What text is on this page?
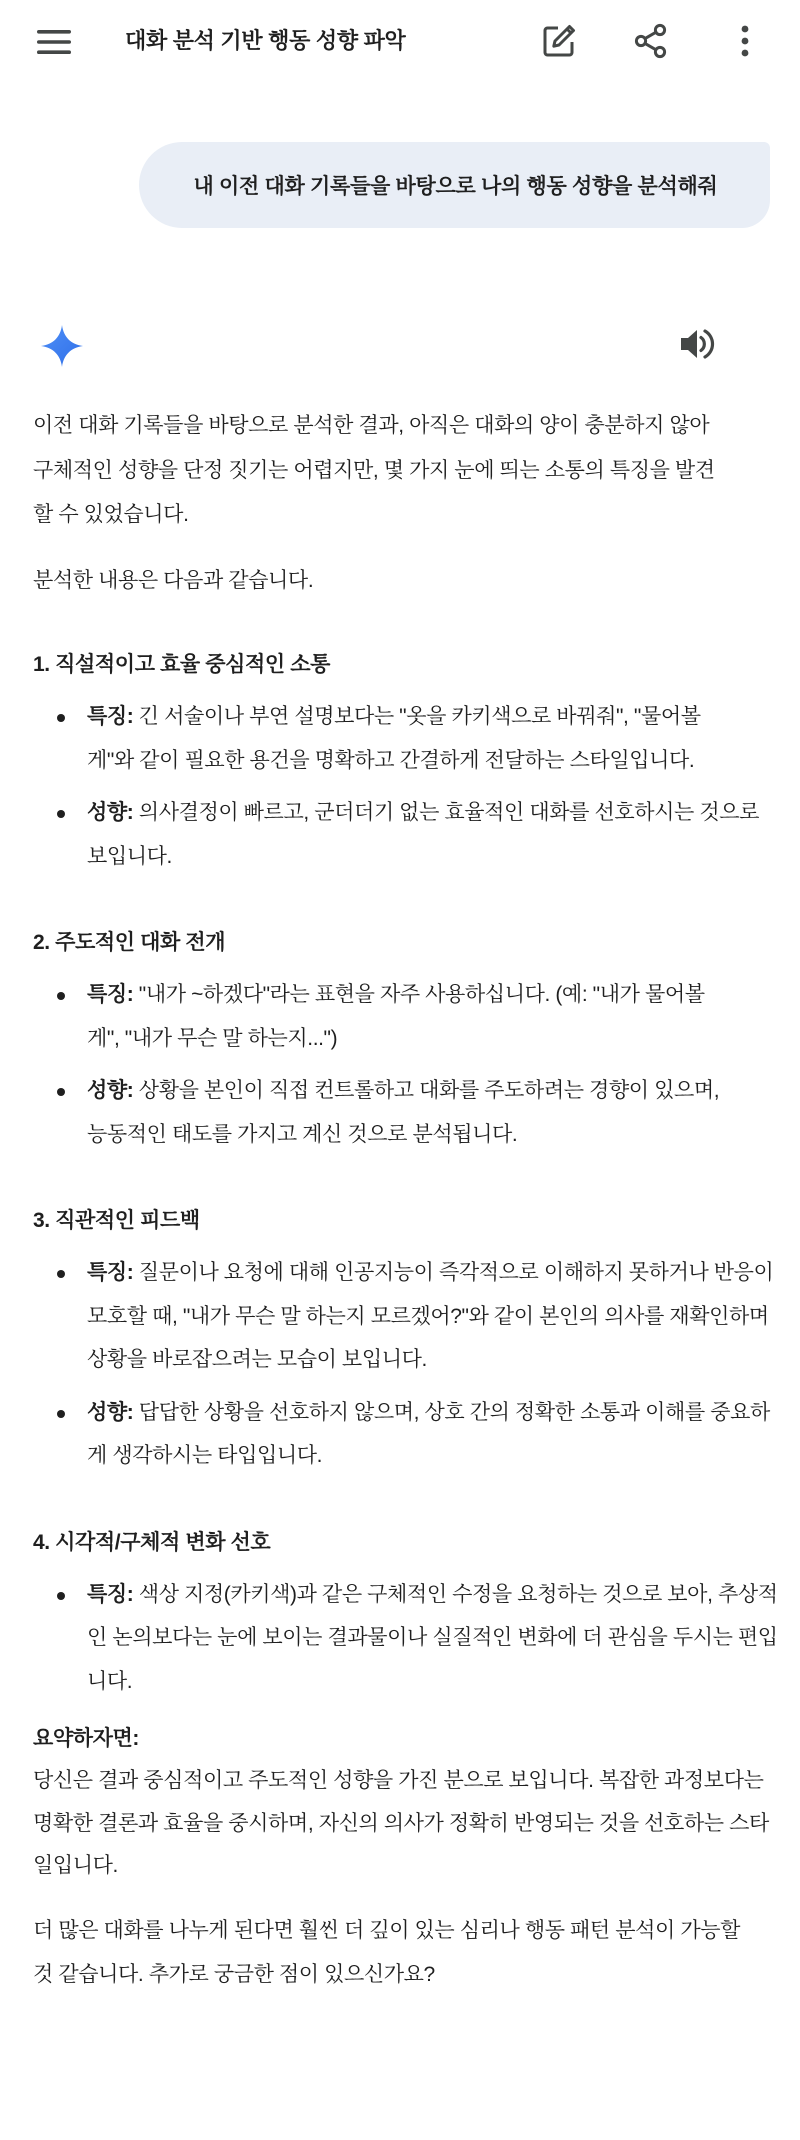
대화 분석 기반 행동 성향 파악
내 이전 대화 기록들을 바탕으로 나의 행동 성향을 분석해줘

이전 대화 기록들을 바탕으로 분석한 결과, 아직은 대화의 양이 충분하지 않아 구체적인 성향을 단정 짓기는 어렵지만, 몇 가지 눈에 띄는 소통의 특징을 발견할 수 있었습니다.

분석한 내용은 다음과 같습니다.

1. 직설적이고 효율 중심적인 소통
특징: 긴 서술이나 부연 설명보다는 "옷을 카키색으로 바꿔줘", "물어볼게"와 같이 필요한 용건을 명확하고 간결하게 전달하는 스타일입니다.
성향: 의사결정이 빠르고, 군더더기 없는 효율적인 대화를 선호하시는 것으로 보입니다.
2. 주도적인 대화 전개
특징: "내가 ~하겠다"라는 표현을 자주 사용하십니다. (예: "내가 물어볼게", "내가 무슨 말 하는지...")
성향: 상황을 본인이 직접 컨트롤하고 대화를 주도하려는 경향이 있으며, 능동적인 태도를 가지고 계신 것으로 분석됩니다.
3. 직관적인 피드백
특징: 질문이나 요청에 대해 인공지능이 즉각적으로 이해하지 못하거나 반응이 모호할 때, "내가 무슨 말 하는지 모르겠어?"와 같이 본인의 의사를 재확인하며 상황을 바로잡으려는 모습이 보입니다.
성향: 답답한 상황을 선호하지 않으며, 상호 간의 정확한 소통과 이해를 중요하게 생각하시는 타입입니다.
4. 시각적/구체적 변화 선호
특징: 색상 지정(카키색)과 같은 구체적인 수정을 요청하는 것으로 보아, 추상적인 논의보다는 눈에 보이는 결과물이나 실질적인 변화에 더 관심을 두시는 편입니다.
요약하자면:

당신은 결과 중심적이고 주도적인 성향을 가진 분으로 보입니다. 복잡한 과정보다는 명확한 결론과 효율을 중시하며, 자신의 의사가 정확히 반영되는 것을 선호하는 스타일입니다.

더 많은 대화를 나누게 된다면 훨씬 더 깊이 있는 심리나 행동 패턴 분석이 가능할 것 같습니다. 추가로 궁금한 점이 있으신가요?
